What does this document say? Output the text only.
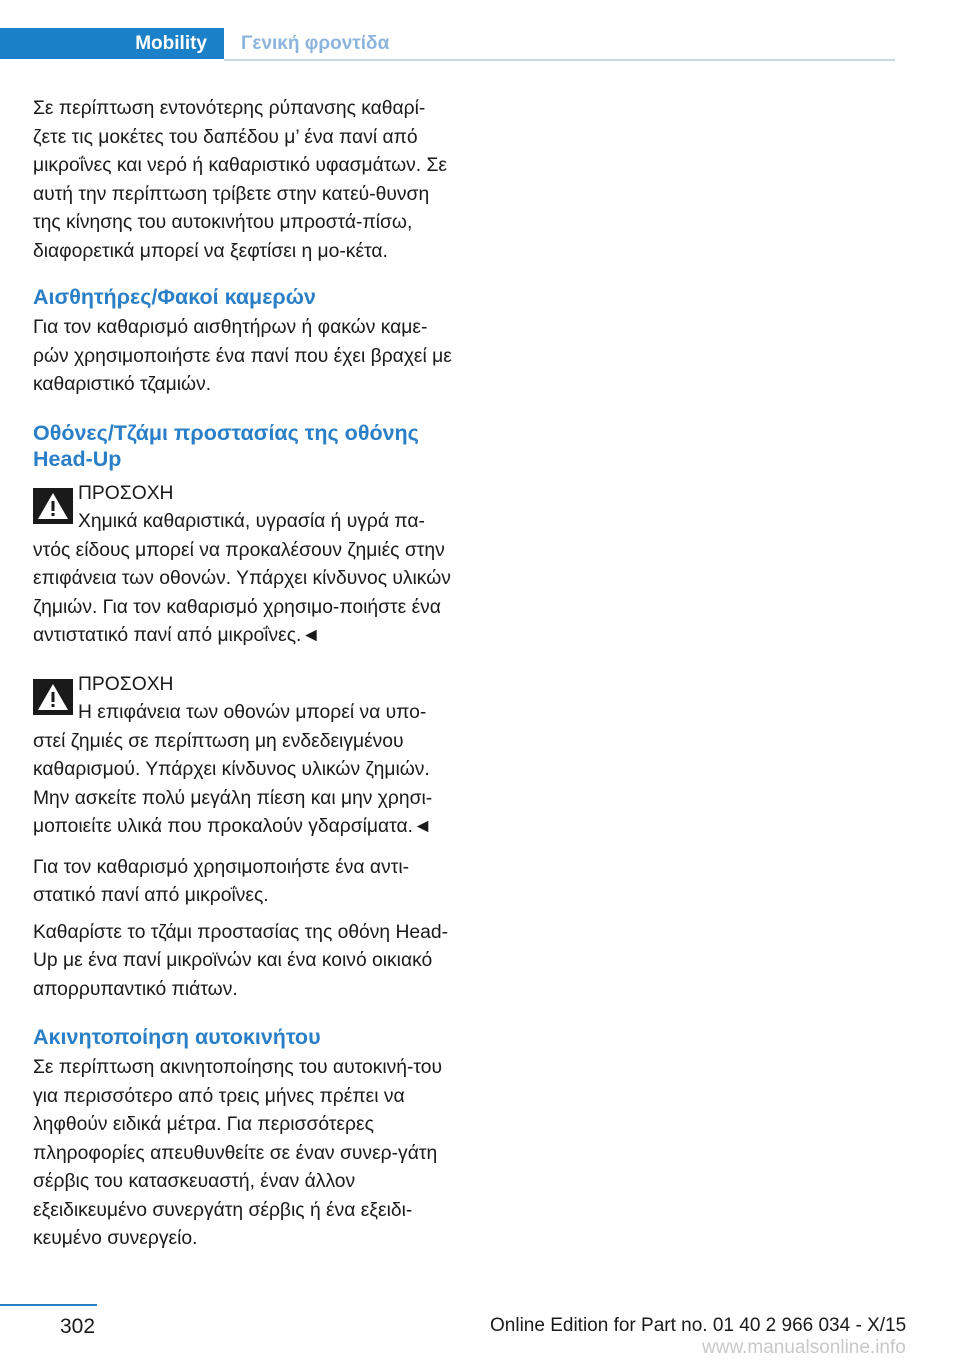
Mobility	Γενική φροντίδα

Σε περίπτωση εντονότερης ρύπανσης καθαρί‐ζετε τις μοκέτες του δαπέδου μ’ ένα πανί από μικροΐνες και νερό ή καθαριστικό υφασμάτων. Σε αυτή την περίπτωση τρίβετε στην κατεύ‐θυνση της κίνησης του αυτοκινήτου μπροστά-πίσω, διαφορετικά μπορεί να ξεφτίσει η μο‐κέτα.

Αισθητήρες/Φακοί καμερών

Για τον καθαρισμό αισθητήρων ή φακών καμε‐ρών χρησιμοποιήστε ένα πανί που έχει βραχεί με καθαριστικό τζαμιών.

Οθόνες/Τζάμι προστασίας της οθόνης Head-Up

ΠΡΟΣΟΧΗ

Χημικά καθαριστικά, υγρασία ή υγρά πα‐

ντός είδους μπορεί να προκαλέσουν ζημιές στην επιφάνεια των οθονών. Υπάρχει κίνδυνος υλικών ζημιών. Για τον καθαρισμό χρησιμο‐ποιήστε ένα αντιστατικό πανί από μικροΐνες.◄

ΠΡΟΣΟΧΗ

Η επιφάνεια των οθονών μπορεί να υπο‐

στεί ζημιές σε περίπτωση μη ενδεδειγμένου καθαρισμού. Υπάρχει κίνδυνος υλικών ζημιών. Μην ασκείτε πολύ μεγάλη πίεση και μην χρησι‐μοποιείτε υλικά που προκαλούν γδαρσίματα.◄

Για τον καθαρισμό χρησιμοποιήστε ένα αντι‐στατικό πανί από μικροΐνες.

Καθαρίστε το τζάμι προστασίας της οθόνη Head-Up με ένα πανί μικροϊνών και ένα κοινό οικιακό απορρυπαντικό πιάτων.

Ακινητοποίηση αυτοκινήτου

Σε περίπτωση ακινητοποίησης του αυτοκινή‐του για περισσότερο από τρεις μήνες πρέπει να ληφθούν ειδικά μέτρα. Για περισσότερες πληροφορίες απευθυνθείτε σε έναν συνερ‐γάτη σέρβις του κατασκευαστή, έναν άλλον εξειδικευμένο συνεργάτη σέρβις ή ένα εξειδι‐κευμένο συνεργείο.

302	Online Edition for Part no. 01 40 2 966 034 - X/15
www.manualsonline.info
